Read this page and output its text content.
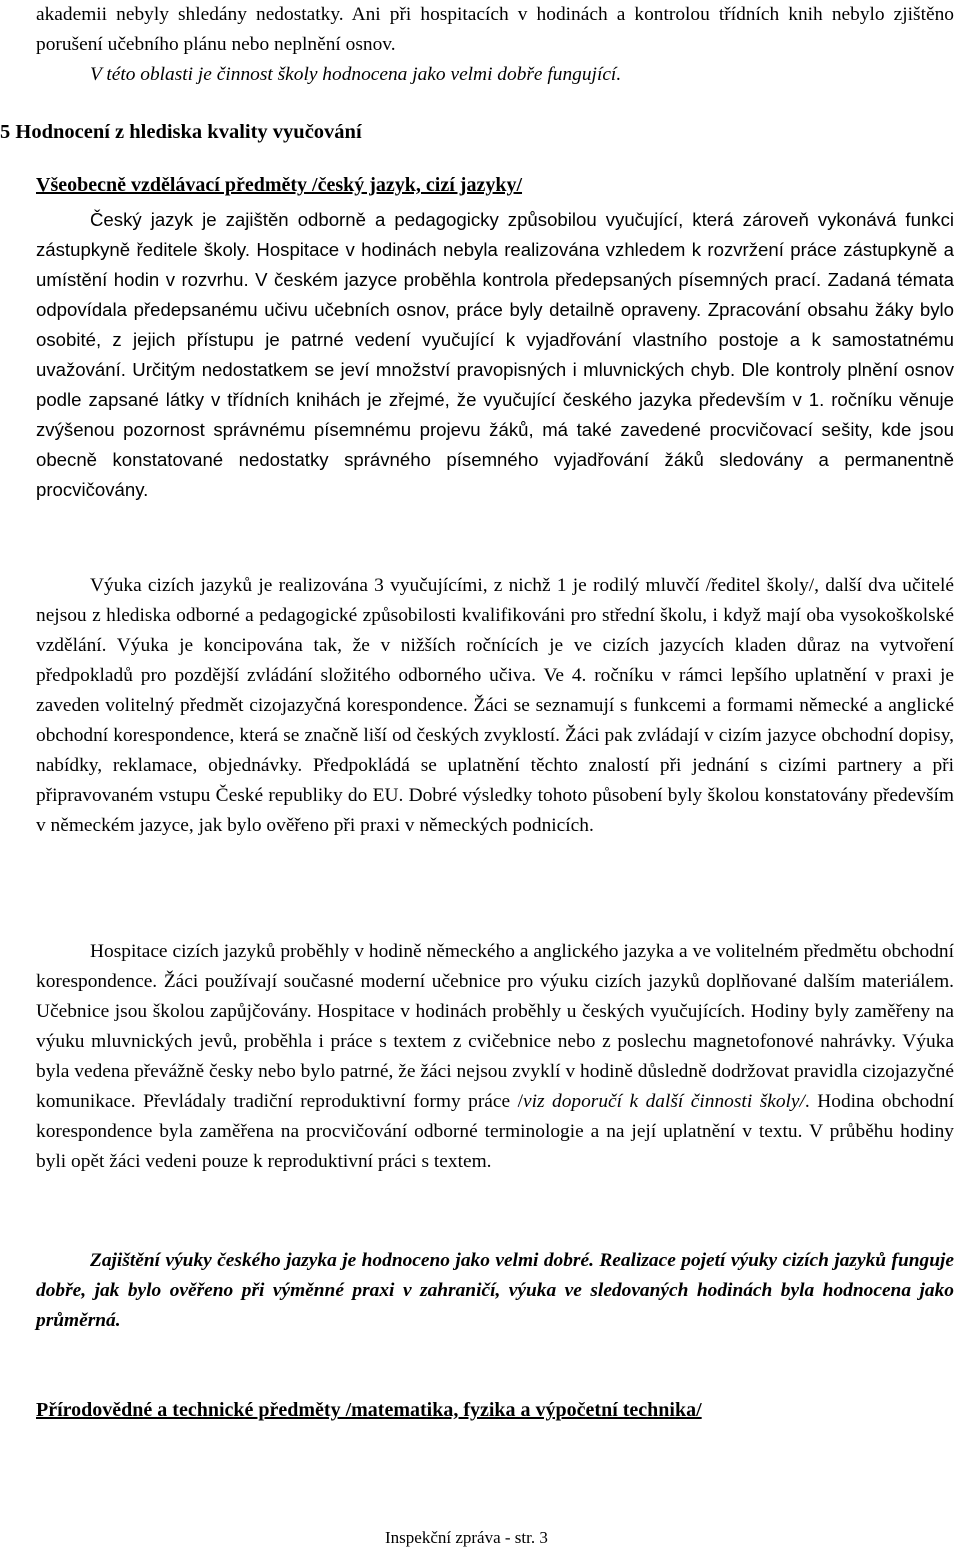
akademii nebyly shledány nedostatky. Ani při hospitacích v hodinách a kontrolou třídních knih nebylo zjištěno porušení učebního plánu nebo neplnění osnov.

V této oblasti je činnost školy hodnocena jako velmi dobře fungující.

5 Hodnocení z hlediska kvality vyučování
Všeobecně vzdělávací předměty /český jazyk, cizí jazyky/

Český jazyk je zajištěn odborně a pedagogicky způsobilou vyučující, která zároveň vykonává funkci zástupkyně ředitele školy. Hospitace v hodinách nebyla realizována vzhledem k rozvržení práce zástupkyně a umístění hodin v rozvrhu. V českém jazyce proběhla kontrola předepsaných písemných prací. Zadaná témata odpovídala předepsanému učivu učebních osnov, práce byly detailně opraveny. Zpracování obsahu žáky bylo osobité, z jejich přístupu je patrné vedení vyučující k vyjadřování vlastního postoje a k samostatnému uvažování. Určitým nedostatkem se jeví množství pravopisných i mluvnických chyb. Dle kontroly plnění osnov podle zapsané látky v třídních knihách je zřejmé, že vyučující českého jazyka především v 1. ročníku věnuje zvýšenou pozornost správnému písemnému projevu žáků, má také zavedené procvičovací sešity, kde jsou obecně konstatované nedostatky správného písemného vyjadřování žáků sledovány a permanentně procvičovány.

Výuka cizích jazyků je realizována 3 vyučujícími, z nichž 1 je rodilý mluvčí /ředitel školy/, další dva učitelé nejsou z hlediska odborné a pedagogické způsobilosti kvalifikováni pro střední školu, i když mají oba vysokoškolské vzdělání. Výuka je koncipována tak, že v nižších ročnících je ve cizích jazycích kladen důraz na vytvoření předpokladů pro pozdější zvládání složitého odborného učiva. Ve 4. ročníku v rámci lepšího uplatnění v praxi je zaveden volitelný předmět cizojazyčná korespondence. Žáci se seznamují s funkcemi a formami německé a anglické obchodní korespondence, která se značně liší od českých zvyklostí. Žáci pak zvládají v cizím jazyce obchodní dopisy, nabídky, reklamace, objednávky. Předpokládá se uplatnění těchto znalostí při jednání s cizími partnery a při připravovaném vstupu České republiky do EU. Dobré výsledky tohoto působení byly školou konstatovány především v německém jazyce, jak bylo ověřeno při praxi v německých podnicích.

Hospitace cizích jazyků proběhly v hodině německého a anglického jazyka a ve volitelném předmětu obchodní korespondence. Žáci používají současné moderní učebnice pro výuku cizích jazyků doplňované dalším materiálem. Učebnice jsou školou zapůjčovány. Hospitace v hodinách proběhly u českých vyučujících. Hodiny byly zaměřeny na výuku mluvnických jevů, proběhla i práce s textem z cvičebnice nebo z poslechu magnetofonové nahrávky. Výuka byla vedena převážně česky nebo bylo patrné, že žáci nejsou zvyklí v hodině důsledně dodržovat pravidla cizojazyčné komunikace. Převládaly tradiční reproduktivní formy práce /viz doporučí k další činnosti školy/. Hodina obchodní korespondence byla zaměřena na procvičování odborné terminologie a na její uplatnění v textu. V průběhu hodiny byli opět žáci vedeni pouze k reproduktivní práci s textem.

Zajištění výuky českého jazyka je hodnoceno jako velmi dobré. Realizace pojetí výuky cizích jazyků funguje dobře, jak bylo ověřeno při výměnné praxi v zahraničí, výuka ve sledovaných hodinách byla hodnocena jako průměrná.

Přírodovědné a technické předměty /matematika, fyzika a výpočetní technika/
Inspekční zpráva - str. 3
